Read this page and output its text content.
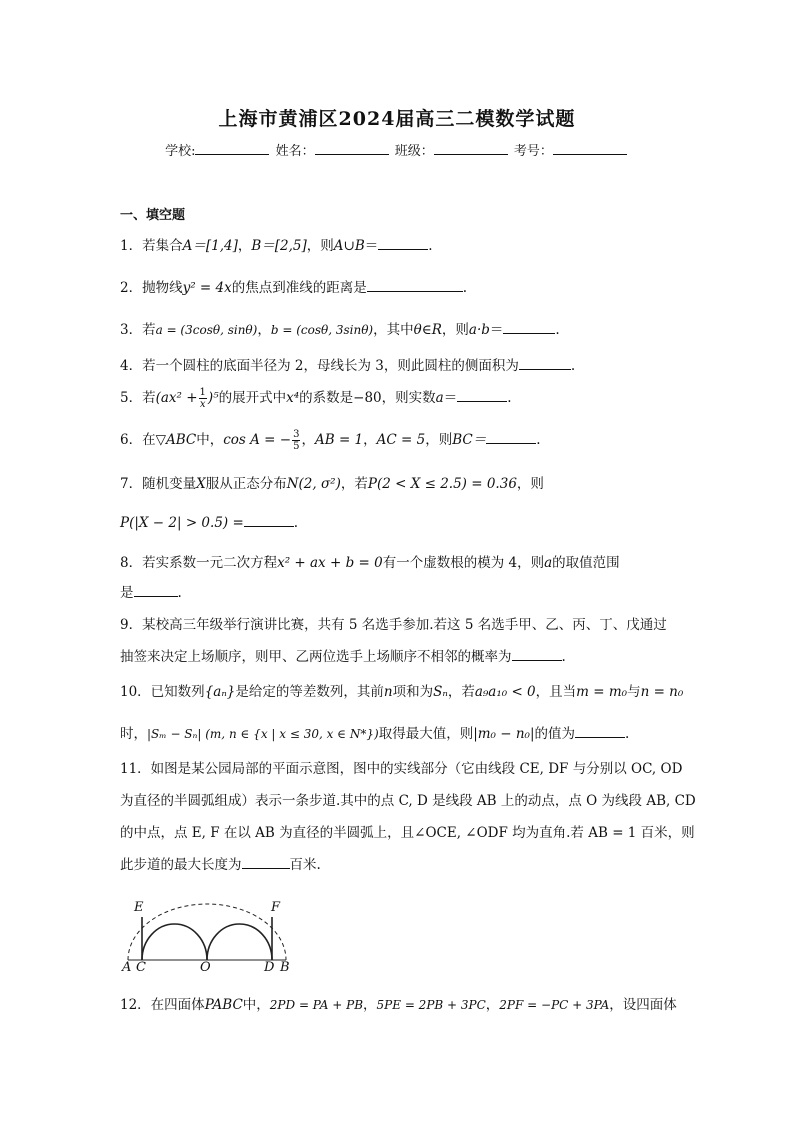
上海市黄浦区2024届高三二模数学试题
学校:	姓名：	班级：	考号：
一、填空题
1．若集合A＝[1,4]，B＝[2,5]，则A∪B＝	.
2．抛物线y² = 4x的焦点到准线的距离是	.
3．若a = (3cosθ, sinθ)，b = (cosθ, 3sinθ)，其中θ∈R，则a·b＝	.
4．若一个圆柱的底面半径为 2，母线长为 3，则此圆柱的侧面积为	.
5．若$(ax^2 + \frac{1}{x})^5$的展开式中x⁴的系数是−80，则实数a＝	.
6．在▽ABC中，cos A = − $\frac{3}{5}$，AB = 1，AC = 5，则BC＝	.
7．随机变量X服从正态分布N(2, σ²)，若P(2 < X ≤ 2.5) = 0.36，则
P(|X − 2| > 0.5) =	.
8．若实系数一元二次方程x² + ax + b = 0有一个虚数根的模为 4，则a的取值范围
是	.
9．某校高三年级举行演讲比赛，共有 5 名选手参加.若这 5 名选手甲、乙、丙、丁、戊通过
抽签来决定上场顺序，则甲、乙两位选手上场顺序不相邻的概率为	.
10．已知数列{aₙ}是给定的等差数列，其前n项和为Sₙ，若a₉a₁₀ < 0，且当m = m₀与n = n₀
时，|Sₘ − Sₙ| (m, n ∈ {x | x ≤ 30, x ∈ N*})取得最大值，则|m₀ − n₀|的值为	.
11．如图是某公园局部的平面示意图，图中的实线部分（它由线段 CE, DF 与分别以 OC, OD
为直径的半圆弧组成）表示一条步道.其中的点 C, D 是线段 AB 上的动点，点 O 为线段 AB, CD
的中点，点 E, F 在以 AB 为直径的半圆弧上，且∠OCE, ∠ODF 均为直角.若 AB = 1 百米，则
此步道的最大长度为	百米.
E	F
A C	O	D B
12．在四面体PABC中，2PD = PA + PB，5PE = 2PB + 3PC，2PF = −PC + 3PA，设四面体
